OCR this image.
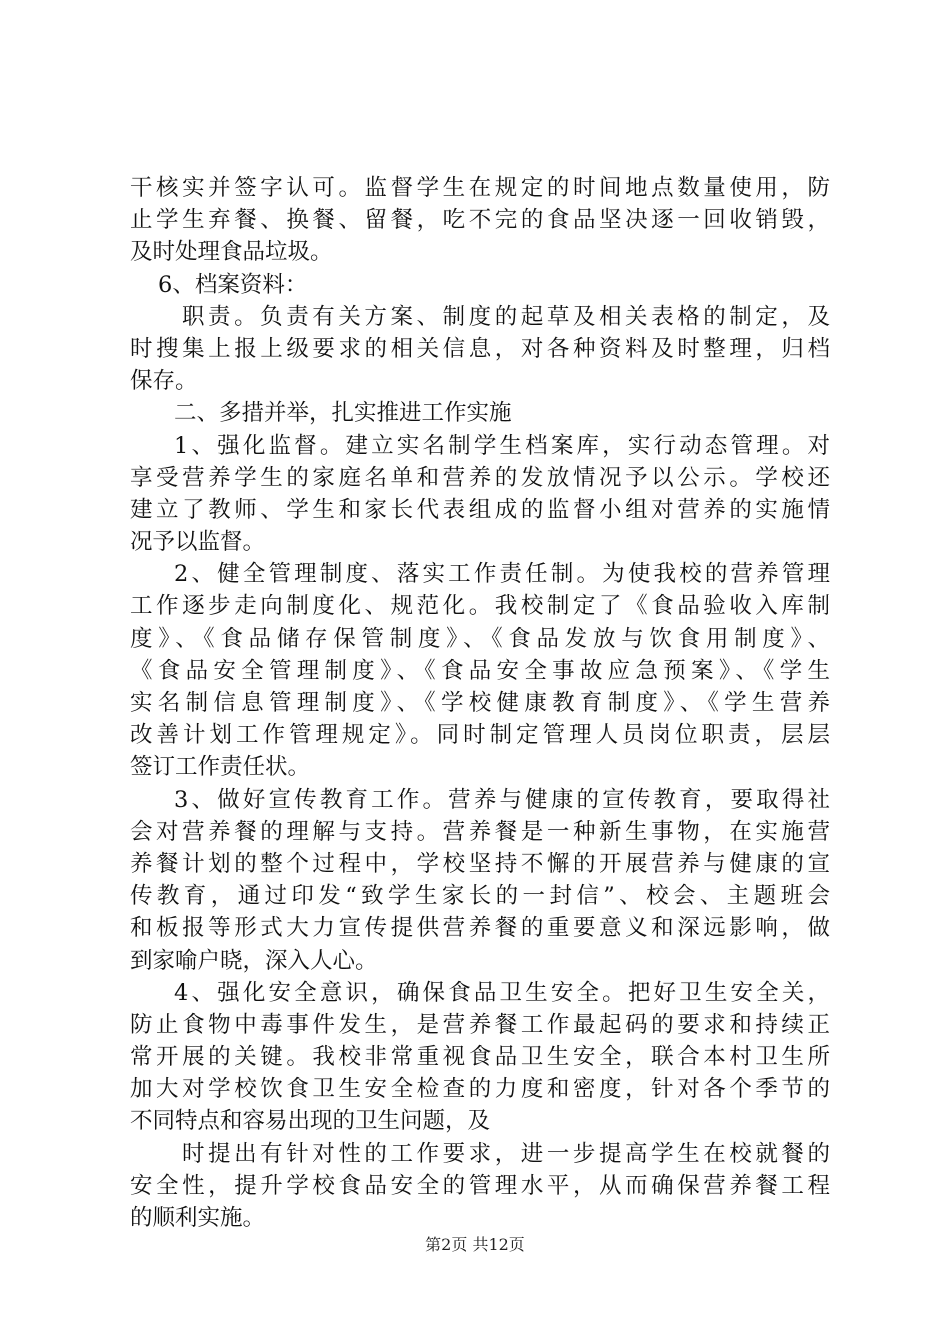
干核实并签字认可。监督学生在规定的时间地点数量使用，防
止学生弃餐、换餐、留餐，吃不完的食品坚决逐一回收销毁，
及时处理食品垃圾。
6、档案资料：
职责。负责有关方案、制度的起草及相关表格的制定，及
时搜集上报上级要求的相关信息，对各种资料及时整理，归档
保存。
二、多措并举，扎实推进工作实施
1、强化监督。建立实名制学生档案库，实行动态管理。对
享受营养学生的家庭名单和营养的发放情况予以公示。学校还
建立了教师、学生和家长代表组成的监督小组对营养的实施情
况予以监督。
2、健全管理制度、落实工作责任制。为使我校的营养管理
工作逐步走向制度化、规范化。我校制定了《食品验收入库制
度》、《食品储存保管制度》、《食品发放与饮食用制度》、
《食品安全管理制度》、《食品安全事故应急预案》、《学生
实名制信息管理制度》、《学校健康教育制度》、《学生营养
改善计划工作管理规定》。同时制定管理人员岗位职责，层层
签订工作责任状。
3、做好宣传教育工作。营养与健康的宣传教育，要取得社
会对营养餐的理解与支持。营养餐是一种新生事物，在实施营
养餐计划的整个过程中，学校坚持不懈的开展营养与健康的宣
传教育，通过印发“致学生家长的一封信”、校会、主题班会
和板报等形式大力宣传提供营养餐的重要意义和深远影响，做
到家喻户晓，深入人心。
4、强化安全意识，确保食品卫生安全。把好卫生安全关，
防止食物中毒事件发生，是营养餐工作最起码的要求和持续正
常开展的关键。我校非常重视食品卫生安全，联合本村卫生所
加大对学校饮食卫生安全检查的力度和密度，针对各个季节的
不同特点和容易出现的卫生问题，及
时提出有针对性的工作要求，进一步提高学生在校就餐的
安全性，提升学校食品安全的管理水平，从而确保营养餐工程
的顺利实施。
第2页 共12页
